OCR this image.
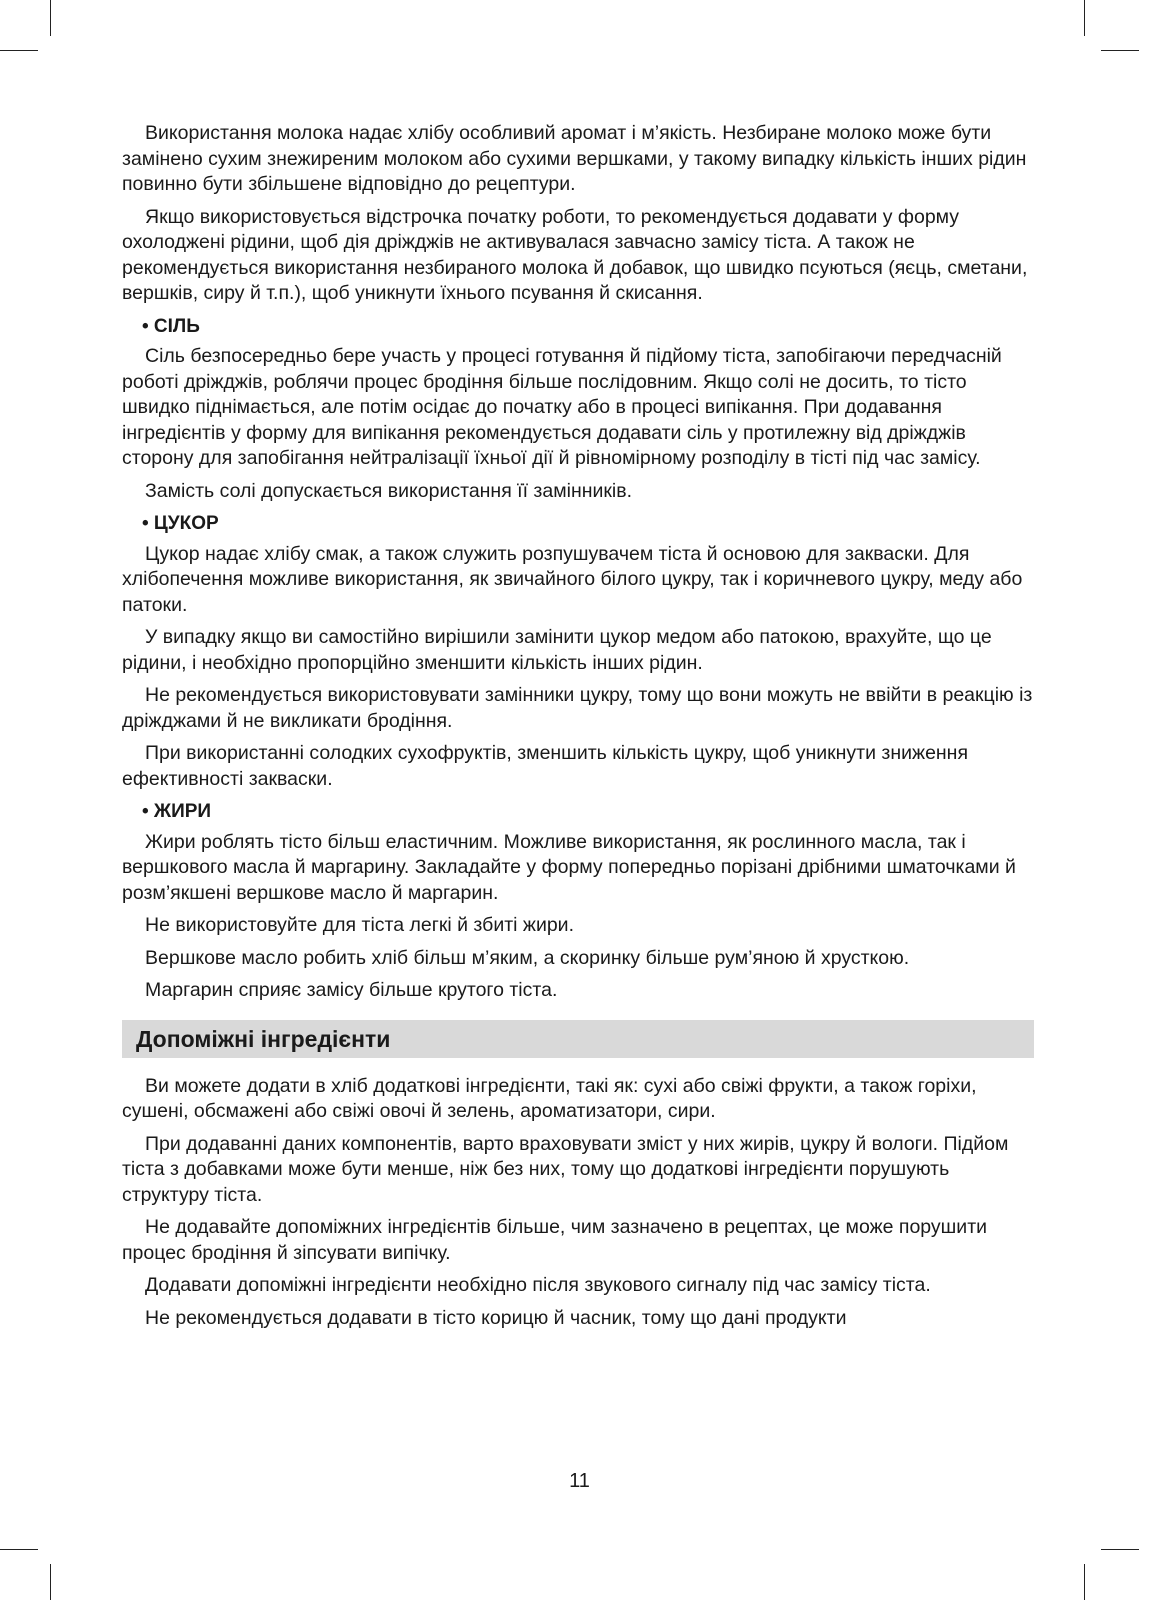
Використання молока надає хлібу особливий аромат і м’якість. Незбиране молоко може бути замінено сухим знежиреним молоком або сухими вершками, у такому випадку кількість інших рідин повинно бути збільшене відповідно до рецептури.

Якщо використовується відстрочка початку роботи, то рекомендується додавати у форму охолоджені рідини, щоб дія дріжджів не активувалася завчасно замісу тіста. А також не рекомендується використання незбираного молока й добавок, що швидко псуються (яєць, сметани, вершків, сиру й т.п.), щоб уникнути їхнього псування й скисання.

• СІЛЬ

Сіль безпосередньо бере участь у процесі готування й підйому тіста, запобігаючи передчасній роботі дріжджів, роблячи процес бродіння більше послідовним. Якщо солі не досить, то тісто швидко піднімається, але потім осідає до початку або в процесі випікання. При додавання інгредієнтів у форму для випікання рекомендується додавати сіль у протилежну від дріжджів сторону для запобігання нейтралізації їхньої дії й рівномірному розподілу в тісті під час замісу.

Замість солі допускається використання її замінників.

• ЦУКОР

Цукор надає хлібу смак, а також служить розпушувачем тіста й основою для закваски. Для хлібопечення можливе використання, як звичайного білого цукру, так і коричневого цукру, меду або патоки.

У випадку якщо ви самостійно вирішили замінити цукор медом або патокою, врахуйте, що це рідини, і необхідно пропорційно зменшити кількість інших рідин.

Не рекомендується використовувати замінники цукру, тому що вони можуть не ввійти в реакцію із дріжджами й не викликати бродіння.

При використанні солодких сухофруктів, зменшить кількість цукру, щоб уникнути зниження ефективності закваски.

• ЖИРИ

Жири роблять тісто більш еластичним. Можливе використання, як рослинного масла, так і вершкового масла й маргарину. Закладайте у форму попередньо порізані дрібними шматочками й розм’якшені вершкове масло й маргарин.

Не використовуйте для тіста легкі й збиті жири.

Вершкове масло робить хліб більш м’яким, а скоринку більше рум’яною й хрусткою.

Маргарин сприяє замісу більше крутого тіста.

Допоміжні інгредієнти

Ви можете додати в хліб додаткові інгредієнти, такі як: сухі або свіжі фрукти, а також горіхи, сушені, обсмажені або свіжі овочі й зелень, ароматизатори, сири.

При додаванні даних компонентів, варто враховувати зміст у них жирів, цукру й вологи. Підйом тіста з добавками може бути менше, ніж без них, тому що додаткові інгредієнти порушують структуру тіста.

Не додавайте допоміжних інгредієнтів більше, чим зазначено в рецептах, це може порушити процес бродіння й зіпсувати випічку.

Додавати допоміжні інгредієнти необхідно після звукового сигналу під час замісу тіста.

Не рекомендується додавати в тісто корицю й часник, тому що дані продукти

11
